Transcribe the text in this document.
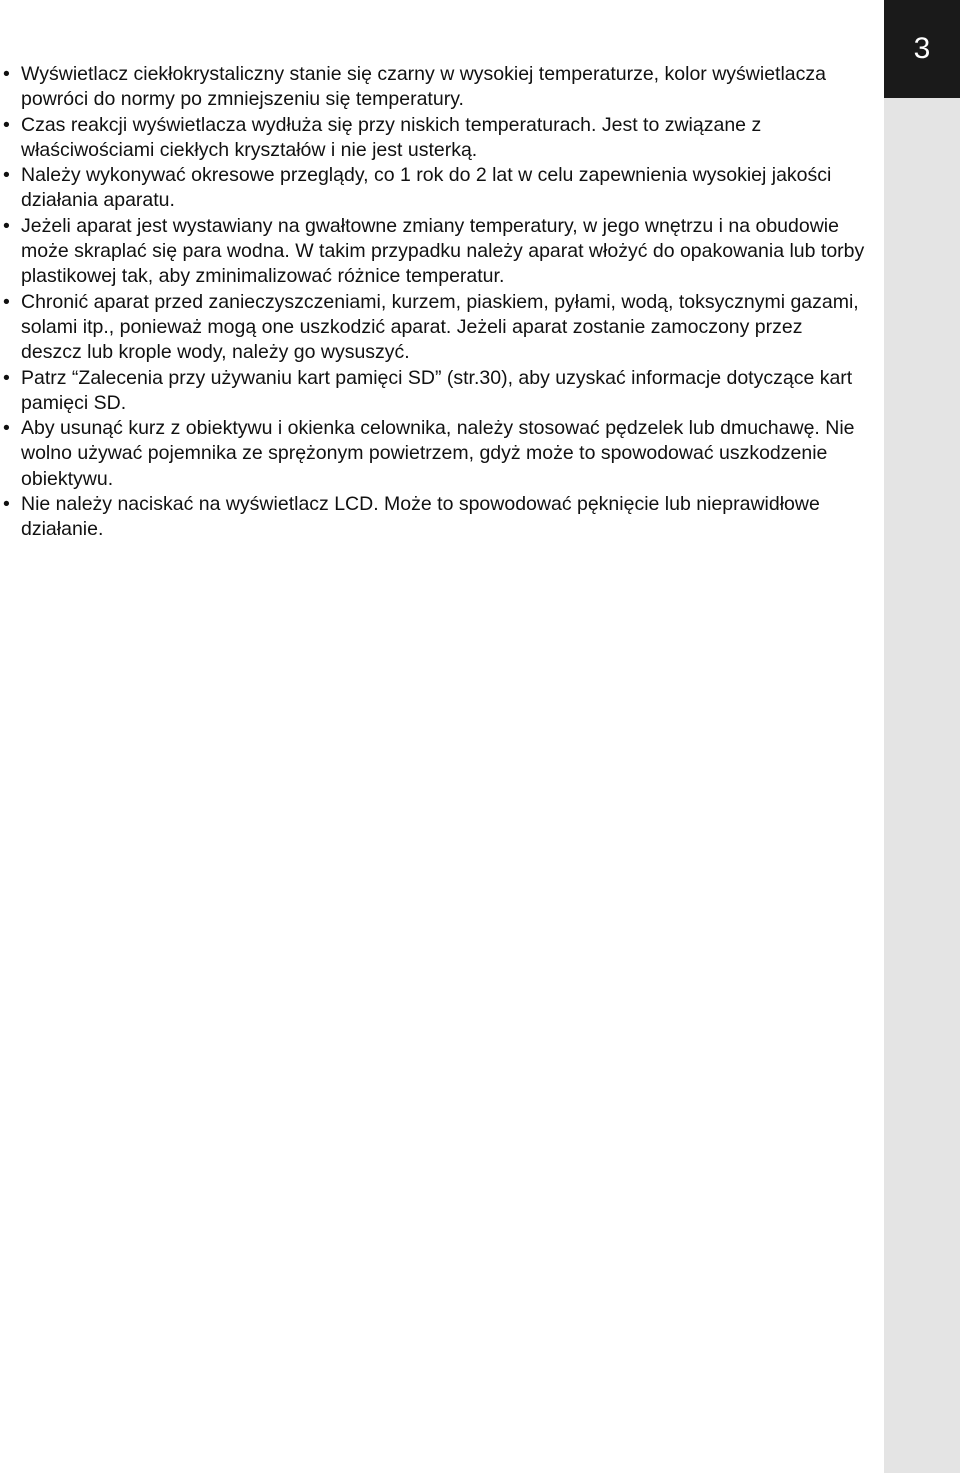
3
• Wyświetlacz ciekłokrystaliczny stanie się czarny w wysokiej temperaturze, kolor wyświetlacza powróci do normy po zmniejszeniu się temperatury.
• Czas reakcji wyświetlacza wydłuża się przy niskich temperaturach. Jest to związane z właściwościami ciekłych kryształów i nie jest usterką.
• Należy wykonywać okresowe przeglądy, co 1 rok do 2 lat w celu zapewnienia wysokiej jakości działania aparatu.
• Jeżeli aparat jest wystawiany na gwałtowne zmiany temperatury, w jego wnętrzu i na obudowie może skraplać się para wodna. W takim przypadku należy aparat włożyć do opakowania lub torby plastikowej tak, aby zminimalizować różnice temperatur.
• Chronić aparat przed zanieczyszczeniami, kurzem, piaskiem, pyłami, wodą, toksycznymi gazami, solami itp., ponieważ mogą one uszkodzić aparat. Jeżeli aparat zostanie zamoczony przez deszcz lub krople wody, należy go wysuszyć.
• Patrz “Zalecenia przy używaniu kart pamięci SD” (str.30), aby uzyskać informacje dotyczące kart pamięci SD.
• Aby usunąć kurz z obiektywu i okienka celownika, należy stosować pędzelek lub dmuchawę. Nie wolno używać pojemnika ze sprężonym powietrzem, gdyż może to spowodować uszkodzenie obiektywu.
• Nie należy naciskać na wyświetlacz LCD. Może to spowodować pęknięcie lub nieprawidłowe działanie.
